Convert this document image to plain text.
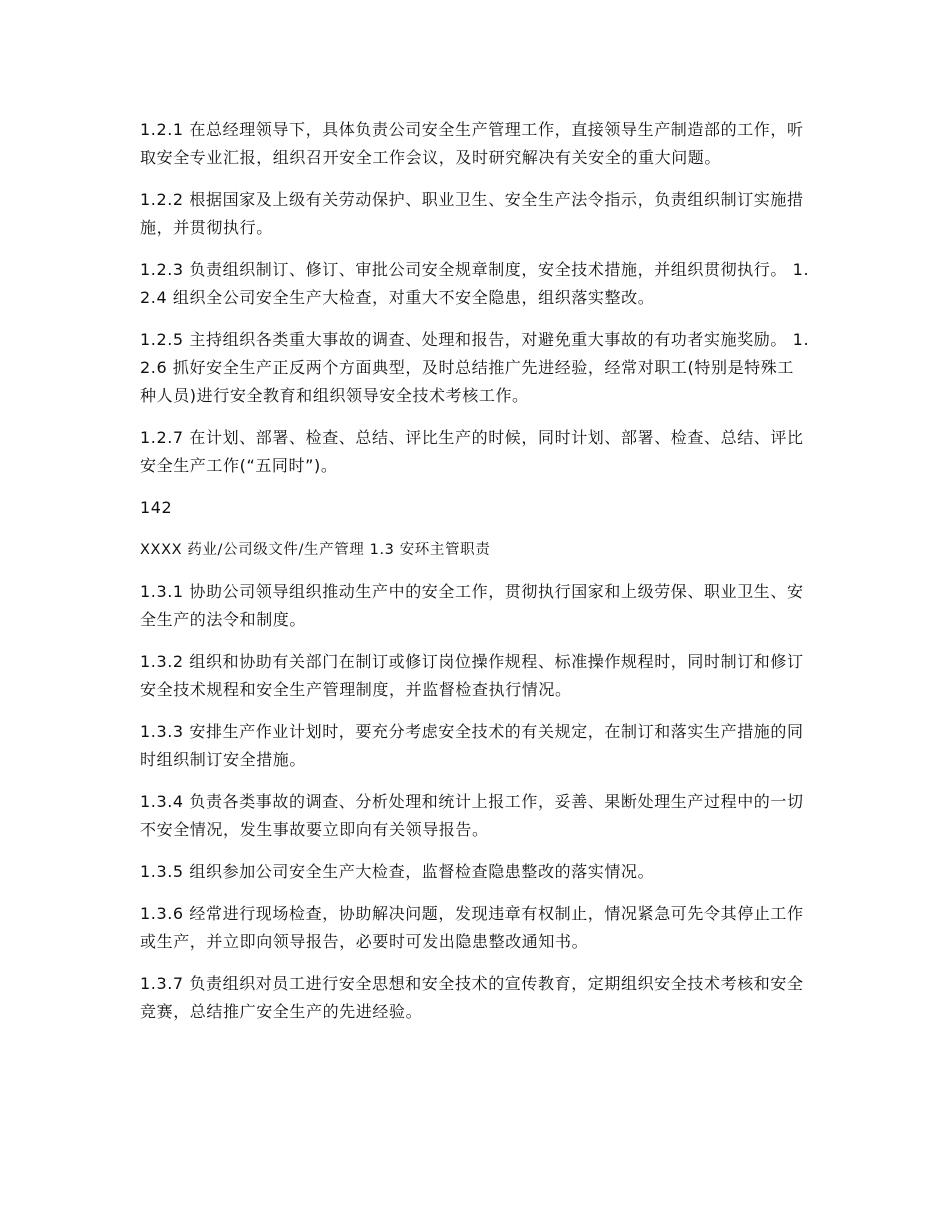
1.2.1 在总经理领导下，具体负责公司安全生产管理工作，直接领导生产制造部的工作，听取安全专业汇报，组织召开安全工作会议，及时研究解决有关安全的重大问题。

1.2.2 根据国家及上级有关劳动保护、职业卫生、安全生产法令指示，负责组织制订实施措施，并贯彻执行。

1.2.3 负责组织制订、修订、审批公司安全规章制度，安全技术措施，并组织贯彻执行。 1.2.4 组织全公司安全生产大检查，对重大不安全隐患，组织落实整改。

1.2.5 主持组织各类重大事故的调查、处理和报告，对避免重大事故的有功者实施奖励。 1.2.6 抓好安全生产正反两个方面典型，及时总结推广先进经验，经常对职工(特别是特殊工种人员)进行安全教育和组织领导安全技术考核工作。

1.2.7 在计划、部署、检查、总结、评比生产的时候，同时计划、部署、检查、总结、评比安全生产工作(“五同时”)。

142

XXXX 药业/公司级文件/生产管理 1.3 安环主管职责

1.3.1 协助公司领导组织推动生产中的安全工作，贯彻执行国家和上级劳保、职业卫生、安全生产的法令和制度。

1.3.2 组织和协助有关部门在制订或修订岗位操作规程、标准操作规程时，同时制订和修订安全技术规程和安全生产管理制度，并监督检查执行情况。

1.3.3 安排生产作业计划时，要充分考虑安全技术的有关规定，在制订和落实生产措施的同时组织制订安全措施。

1.3.4 负责各类事故的调查、分析处理和统计上报工作，妥善、果断处理生产过程中的一切不安全情况，发生事故要立即向有关领导报告。

1.3.5 组织参加公司安全生产大检查，监督检查隐患整改的落实情况。

1.3.6 经常进行现场检查，协助解决问题，发现违章有权制止，情况紧急可先令其停止工作或生产，并立即向领导报告，必要时可发出隐患整改通知书。

1.3.7 负责组织对员工进行安全思想和安全技术的宣传教育，定期组织安全技术考核和安全竞赛，总结推广安全生产的先进经验。
